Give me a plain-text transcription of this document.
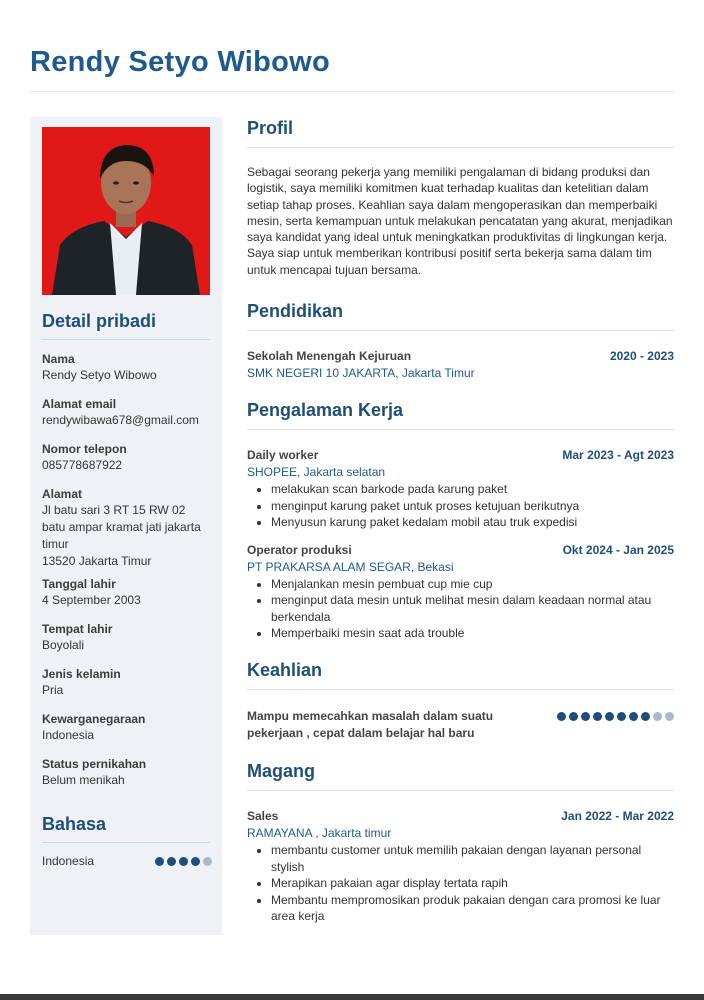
Rendy Setyo Wibowo
Detail pribadi
Nama
Rendy Setyo Wibowo
Alamat email
rendywibawa678@gmail.com
Nomor telepon
085778687922
Alamat
Jl batu sari 3 RT 15 RW 02
batu ampar kramat jati jakarta
timur
13520 Jakarta Timur
Tanggal lahir
4 September 2003
Tempat lahir
Boyolali
Jenis kelamin
Pria
Kewarganegaraan
Indonesia
Status pernikahan
Belum menikah
Bahasa
Indonesia
Profil
Sebagai seorang pekerja yang memiliki pengalaman di bidang produksi dan logistik, saya memiliki komitmen kuat terhadap kualitas dan ketelitian dalam setiap tahap proses. Keahlian saya dalam mengoperasikan dan memperbaiki mesin, serta kemampuan untuk melakukan pencatatan yang akurat, menjadikan saya kandidat yang ideal untuk meningkatkan produktivitas di lingkungan kerja. Saya siap untuk memberikan kontribusi positif serta bekerja sama dalam tim untuk mencapai tujuan bersama.
Pendidikan
Sekolah Menengah Kejuruan	2020 - 2023
SMK NEGERI 10 JAKARTA, Jakarta Timur
Pengalaman Kerja
Daily worker	Mar 2023 - Agt 2023
SHOPEE, Jakarta selatan
• melakukan scan barkode pada karung paket
• menginput karung paket untuk proses ketujuan berikutnya
• Menyusun karung paket kedalam mobil atau truk expedisi
Operator produksi	Okt 2024 - Jan 2025
PT PRAKARSA ALAM SEGAR, Bekasi
• Menjalankan mesin pembuat cup mie cup
• menginput data mesin untuk melihat mesin dalam keadaan normal atau berkendala
• Memperbaiki mesin saat ada trouble
Keahlian
Mampu memecahkan masalah dalam suatu pekerjaan , cepat dalam belajar hal baru
Magang
Sales	Jan 2022 - Mar 2022
RAMAYANA , Jakarta timur
• membantu customer untuk memilih pakaian dengan layanan personal stylish
• Merapikan pakaian agar display tertata rapih
• Membantu mempromosikan produk pakaian dengan cara promosi ke luar area kerja
